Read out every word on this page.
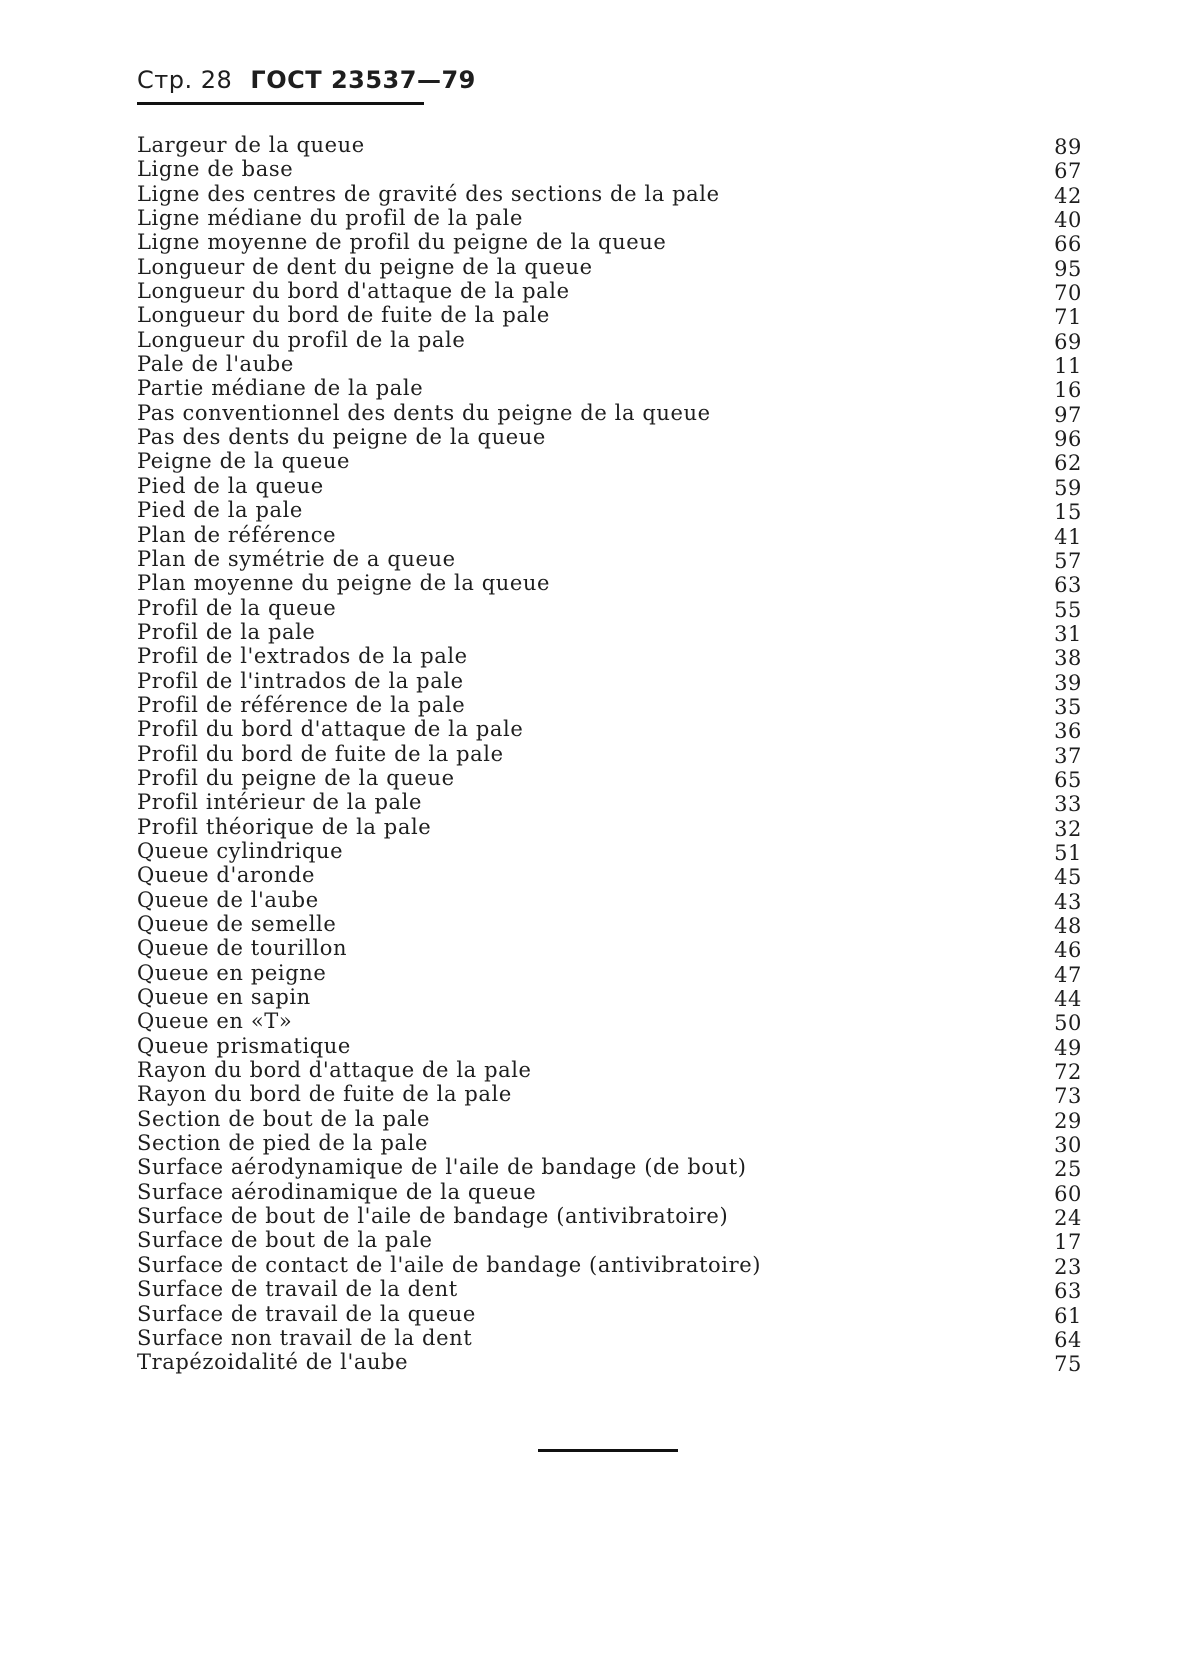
Стр. 28 ГОСТ 23537—79
Largeur de la queue	89
Ligne de base	67
Ligne des centres de gravité des sections de la pale	42
Ligne médiane du profil de la pale	40
Ligne moyenne de profil du peigne de la queue	66
Longueur de dent du peigne de la queue	95
Longueur du bord d'attaque de la pale	70
Longueur du bord de fuite de la pale	71
Longueur du profil de la pale	69
Pale de l'aube	11
Partie médiane de la pale	16
Pas conventionnel des dents du peigne de la queue	97
Pas des dents du peigne de la queue	96
Peigne de la queue	62
Pied de la queue	59
Pied de la pale	15
Plan de référence	41
Plan de symétrie de a queue	57
Plan moyenne du peigne de la queue	63
Profil de la queue	55
Profil de la pale	31
Profil de l'extrados de la pale	38
Profil de l'intrados de la pale	39
Profil de référence de la pale	35
Profil du bord d'attaque de la pale	36
Profil du bord de fuite de la pale	37
Profil du peigne de la queue	65
Profil intérieur de la pale	33
Profil théorique de la pale	32
Queue cylindrique	51
Queue d'aronde	45
Queue de l'aube	43
Queue de semelle	48
Queue de tourillon	46
Queue en peigne	47
Queue en sapin	44
Queue en «T»	50
Queue prismatique	49
Rayon du bord d'attaque de la pale	72
Rayon du bord de fuite de la pale	73
Section de bout de la pale	29
Section de pied de la pale	30
Surface aérodynamique de l'aile de bandage (de bout)	25
Surface aérodinamique de la queue	60
Surface de bout de l'aile de bandage (antivibratoire)	24
Surface de bout de la pale	17
Surface de contact de l'aile de bandage (antivibratoire)	23
Surface de travail de la dent	63
Surface de travail de la queue	61
Surface non travail de la dent	64
Trapézoidalité de l'aube	75
